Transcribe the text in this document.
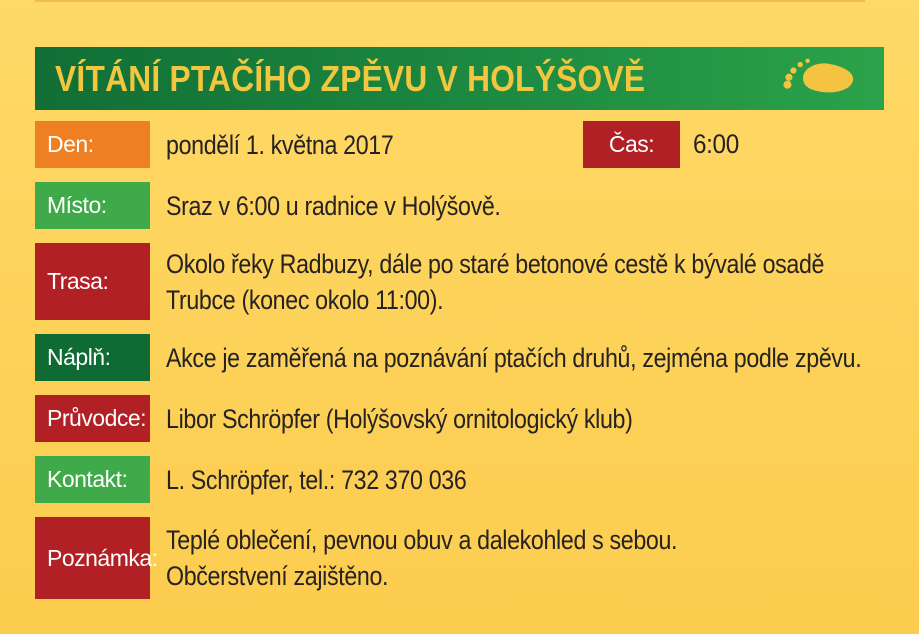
VÍTÁNÍ PTAČÍHO ZPĚVU V HOLÝŠOVĚ
Den:	pondělí 1. května 2017	Čas:	6:00
Místo:	Sraz v 6:00 u radnice v Holýšově.
Trasa:
Okolo řeky Radbuzy, dále po staré betonové cestě k bývalé osadě
Trubce (konec okolo 11:00).
Náplň:	Akce je zaměřená na poznávání ptačích druhů, zejména podle zpěvu.
Průvodce: Libor Schröpfer (Holýšovský ornitologický klub)
Kontakt:	L. Schröpfer, tel.: 732 370 036
Poznámka:
Teplé oblečení, pevnou obuv a dalekohled s sebou.
Občerstvení zajištěno.
